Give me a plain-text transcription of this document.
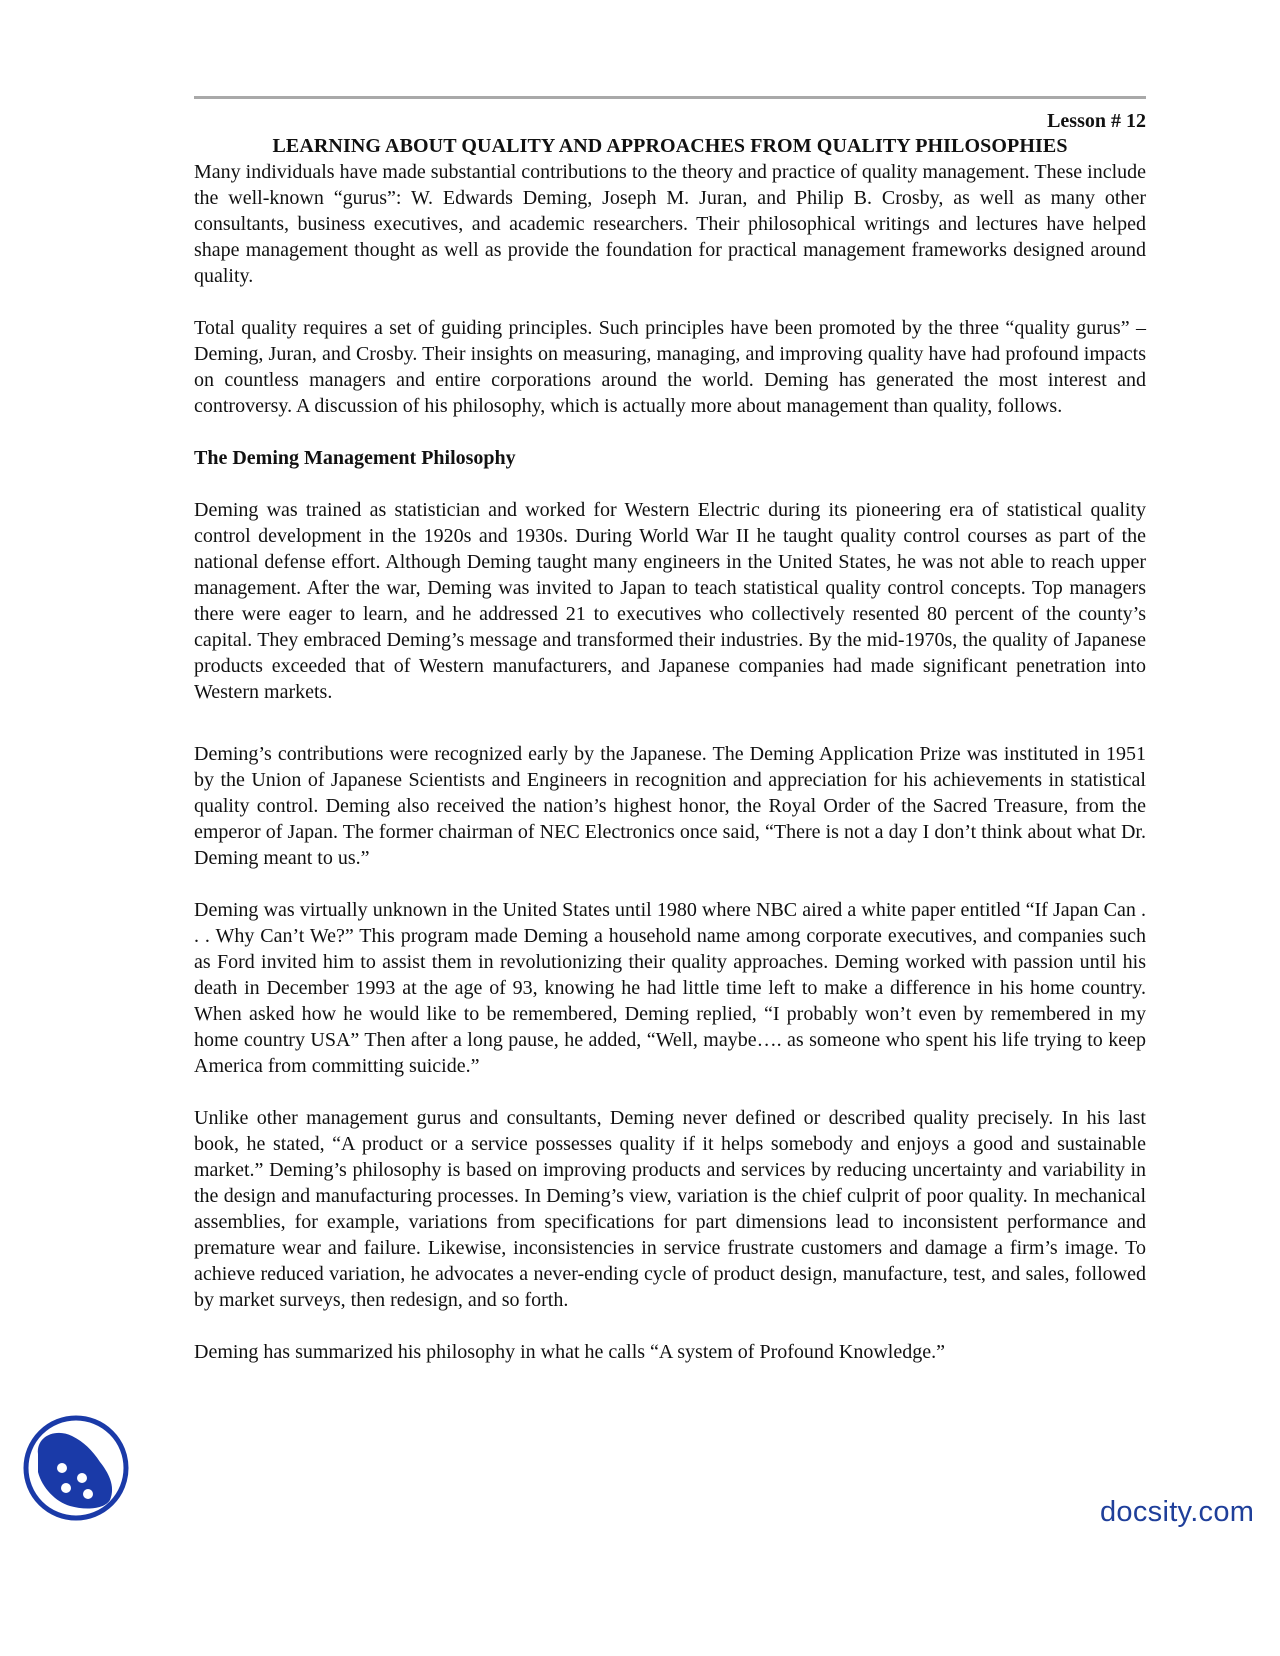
Lesson # 12
LEARNING ABOUT QUALITY AND APPROACHES FROM QUALITY PHILOSOPHIES

Many individuals have made substantial contributions to the theory and practice of quality management. These include the well-known “gurus”: W. Edwards Deming, Joseph M. Juran, and Philip B. Crosby, as well as many other consultants, business executives, and academic researchers. Their philosophical writings and lectures have helped shape management thought as well as provide the foundation for practical management frameworks designed around quality.

Total quality requires a set of guiding principles. Such principles have been promoted by the three “quality gurus” – Deming, Juran, and Crosby. Their insights on measuring, managing, and improving quality have had profound impacts on countless managers and entire corporations around the world. Deming has generated the most interest and controversy. A discussion of his philosophy, which is actually more about management than quality, follows.

The Deming Management Philosophy

Deming was trained as statistician and worked for Western Electric during its pioneering era of statistical quality control development in the 1920s and 1930s. During World War II he taught quality control courses as part of the national defense effort. Although Deming taught many engineers in the United States, he was not able to reach upper management. After the war, Deming was invited to Japan to teach statistical quality control concepts. Top managers there were eager to learn, and he addressed 21 to executives who collectively resented 80 percent of the county’s capital. They embraced Deming’s message and transformed their industries. By the mid-1970s, the quality of Japanese products exceeded that of Western manufacturers, and Japanese companies had made significant penetration into Western markets.

Deming’s contributions were recognized early by the Japanese. The Deming Application Prize was instituted in 1951 by the Union of Japanese Scientists and Engineers in recognition and appreciation for his achievements in statistical quality control. Deming also received the nation’s highest honor, the Royal Order of the Sacred Treasure, from the emperor of Japan. The former chairman of NEC Electronics once said, “There is not a day I don’t think about what Dr. Deming meant to us.”

Deming was virtually unknown in the United States until 1980 where NBC aired a white paper entitled “If Japan Can . . . Why Can’t We?” This program made Deming a household name among corporate executives, and companies such as Ford invited him to assist them in revolutionizing their quality approaches. Deming worked with passion until his death in December 1993 at the age of 93, knowing he had little time left to make a difference in his home country. When asked how he would like to be remembered, Deming replied, “I probably won’t even by remembered in my home country USA” Then after a long pause, he added, “Well, maybe…. as someone who spent his life trying to keep America from committing suicide.”

Unlike other management gurus and consultants, Deming never defined or described quality precisely. In his last book, he stated, “A product or a service possesses quality if it helps somebody and enjoys a good and sustainable market.” Deming’s philosophy is based on improving products and services by reducing uncertainty and variability in the design and manufacturing processes. In Deming’s view, variation is the chief culprit of poor quality. In mechanical assemblies, for example, variations from specifications for part dimensions lead to inconsistent performance and premature wear and failure. Likewise, inconsistencies in service frustrate customers and damage a firm’s image. To achieve reduced variation, he advocates a never-ending cycle of product design, manufacture, test, and sales, followed by market surveys, then redesign, and so forth.

Deming has summarized his philosophy in what he calls “A system of Profound Knowledge.”

docsity.com
